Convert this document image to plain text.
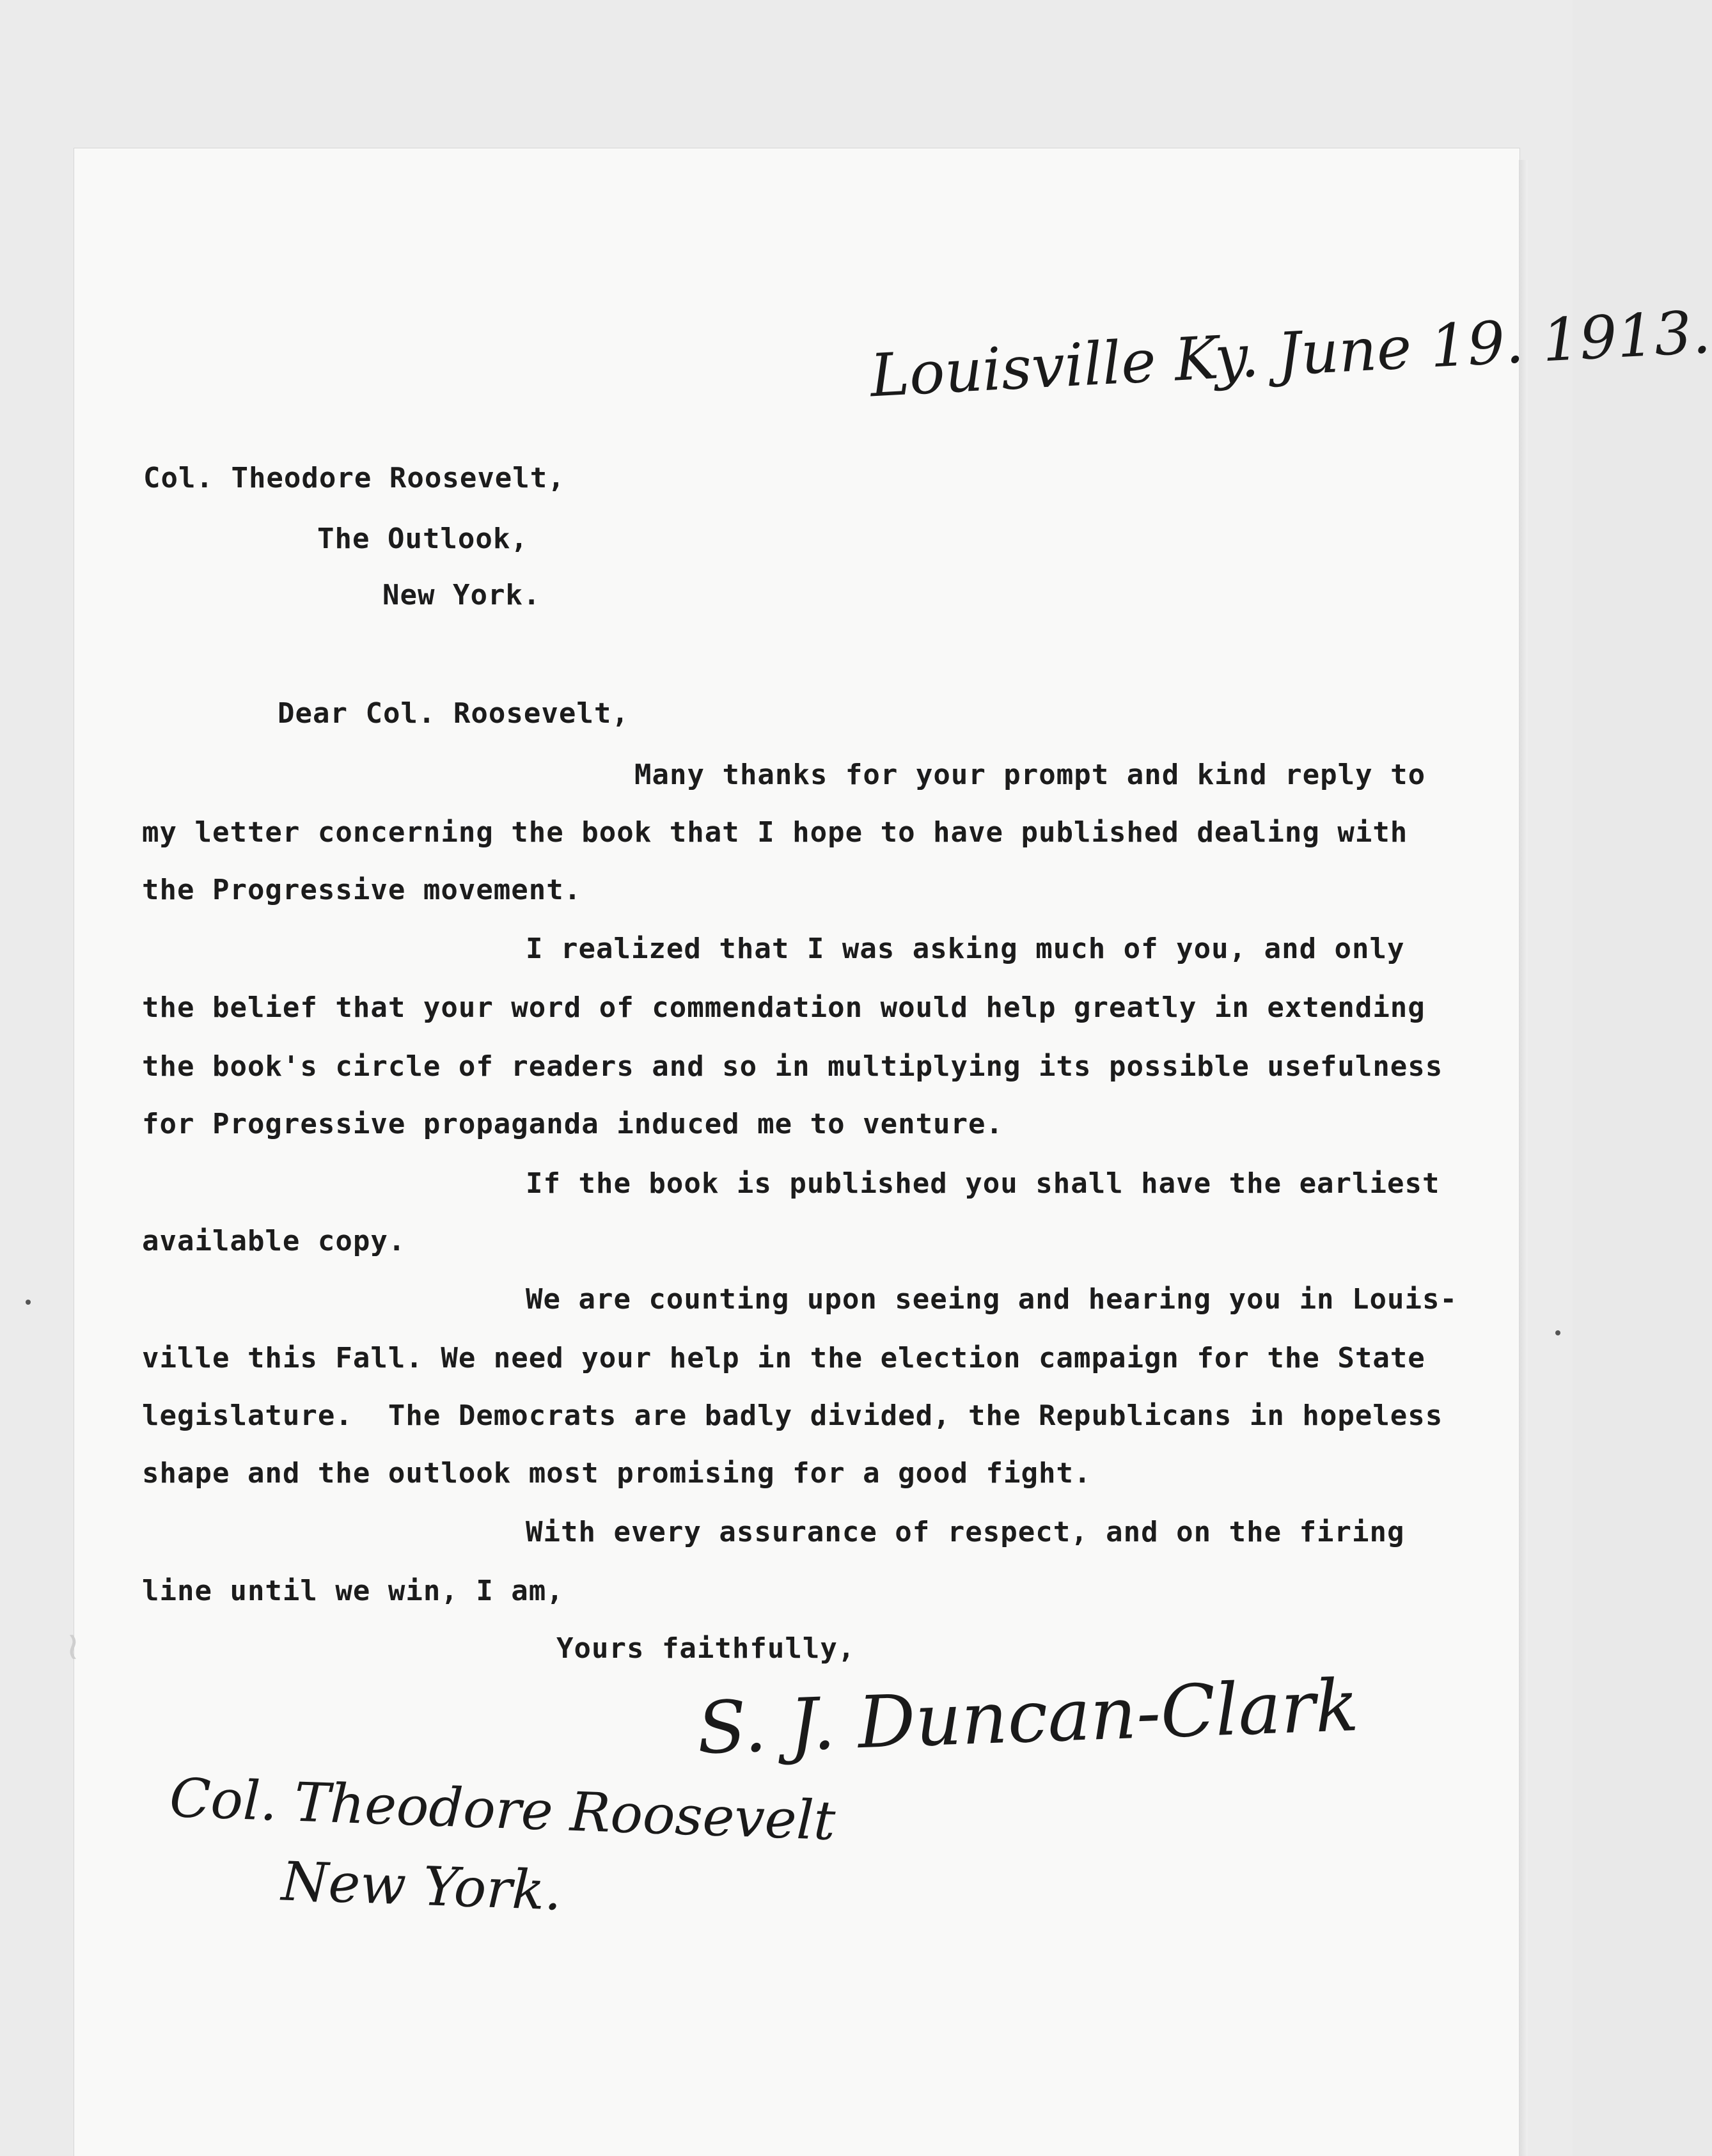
Louisville Ky. June 19. 1913.
Col. Theodore Roosevelt,
The Outlook,
New York.
Dear Col. Roosevelt,
Many thanks for your prompt and kind reply to
my letter concerning the book that I hope to have published dealing with
the Progressive movement.
I realized that I was asking much of you, and only
the belief that your word of commendation would help greatly in extending
the book's circle of readers and so in multiplying its possible usefulness
for Progressive propaganda induced me to venture.
If the book is published you shall have the earliest
available copy.
We are counting upon seeing and hearing you in Louis-
ville this Fall. We need your help in the election campaign for the State
legislature.  The Democrats are badly divided, the Republicans in hopeless
shape and the outlook most promising for a good fight.
With every assurance of respect, and on the firing
line until we win, I am,
Yours faithfully,
S. J. Duncan-Clark
Col. Theodore Roosevelt
New York.
~
